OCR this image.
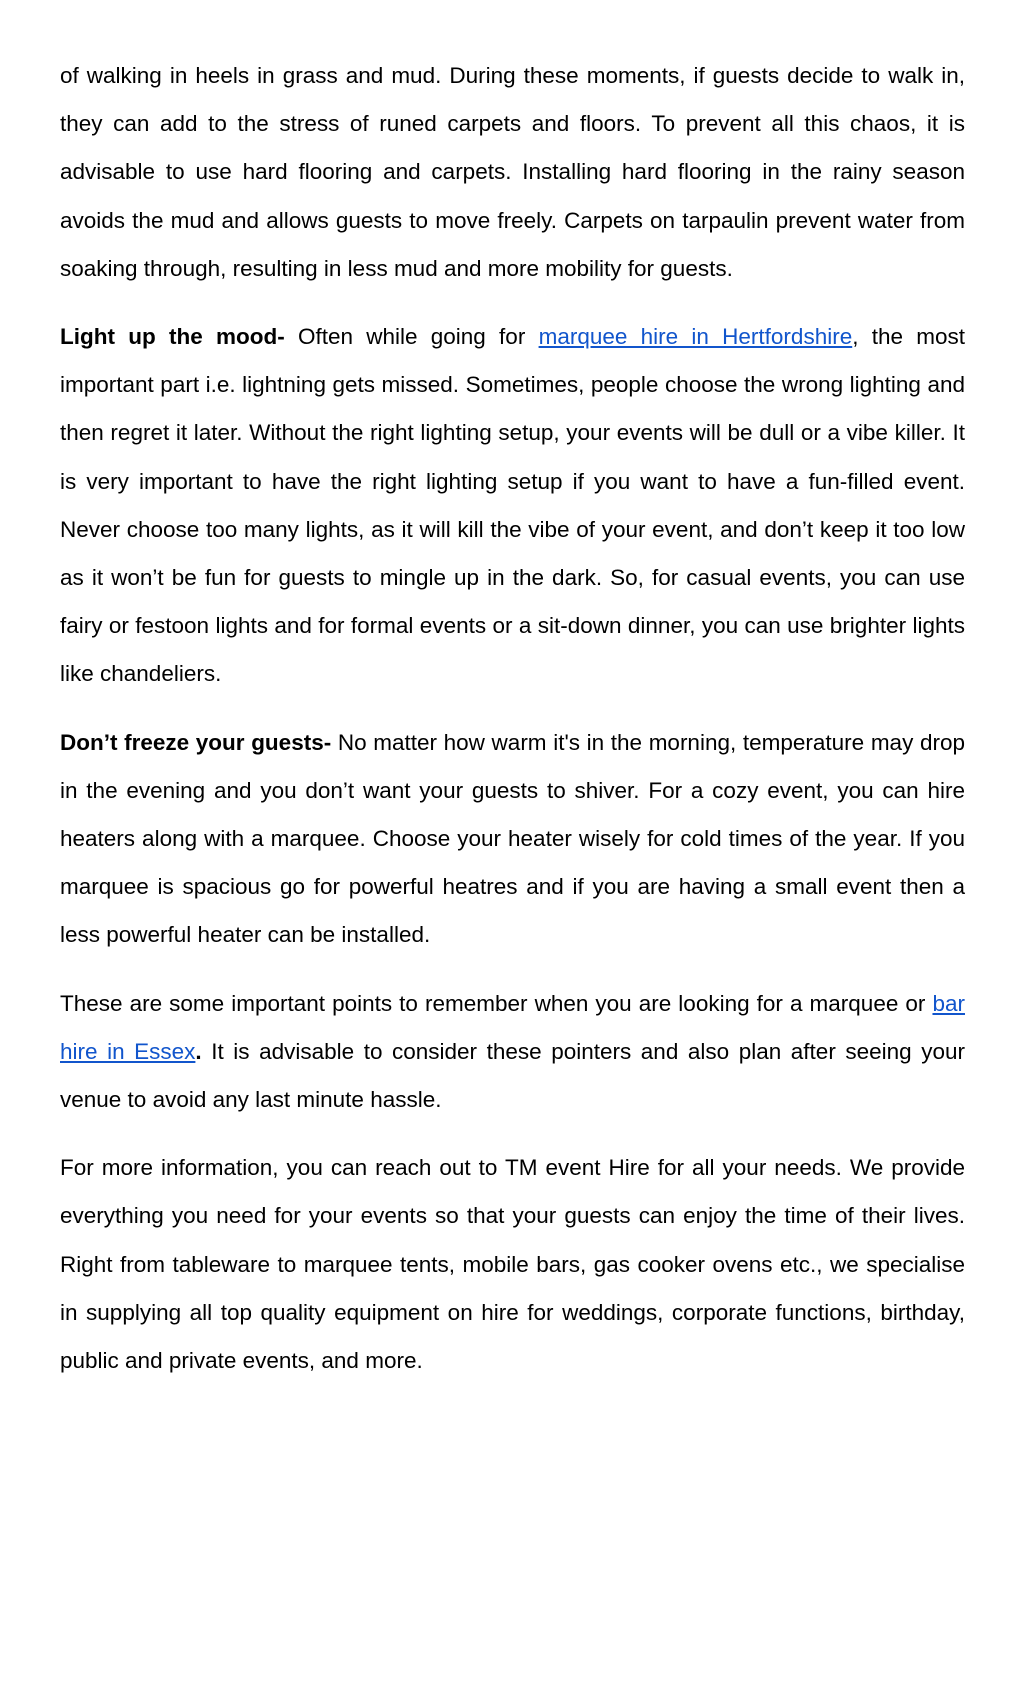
of walking in heels in grass and mud. During these moments, if guests decide to walk in, they can add to the stress of runed carpets and floors. To prevent all this chaos, it is advisable to use hard flooring and carpets. Installing hard flooring in the rainy season avoids the mud and allows guests to move freely. Carpets on tarpaulin prevent water from soaking through, resulting in less mud and more mobility for guests.

Light up the mood- Often while going for marquee hire in Hertfordshire, the most important part i.e. lightning gets missed. Sometimes, people choose the wrong lighting and then regret it later. Without the right lighting setup, your events will be dull or a vibe killer. It is very important to have the right lighting setup if you want to have a fun-filled event. Never choose too many lights, as it will kill the vibe of your event, and don’t keep it too low as it won’t be fun for guests to mingle up in the dark. So, for casual events, you can use fairy or festoon lights and for formal events or a sit-down dinner, you can use brighter lights like chandeliers.

Don’t freeze your guests- No matter how warm it's in the morning, temperature may drop in the evening and you don’t want your guests to shiver. For a cozy event, you can hire heaters along with a marquee. Choose your heater wisely for cold times of the year. If you marquee is spacious go for powerful heatres and if you are having a small event then a less powerful heater can be installed.

These are some important points to remember when you are looking for a marquee or bar hire in Essex. It is advisable to consider these pointers and also plan after seeing your venue to avoid any last minute hassle.

For more information, you can reach out to TM event Hire for all your needs. We provide everything you need for your events so that your guests can enjoy the time of their lives. Right from tableware to marquee tents, mobile bars, gas cooker ovens etc., we specialise in supplying all top quality equipment on hire for weddings, corporate functions, birthday, public and private events, and more.
